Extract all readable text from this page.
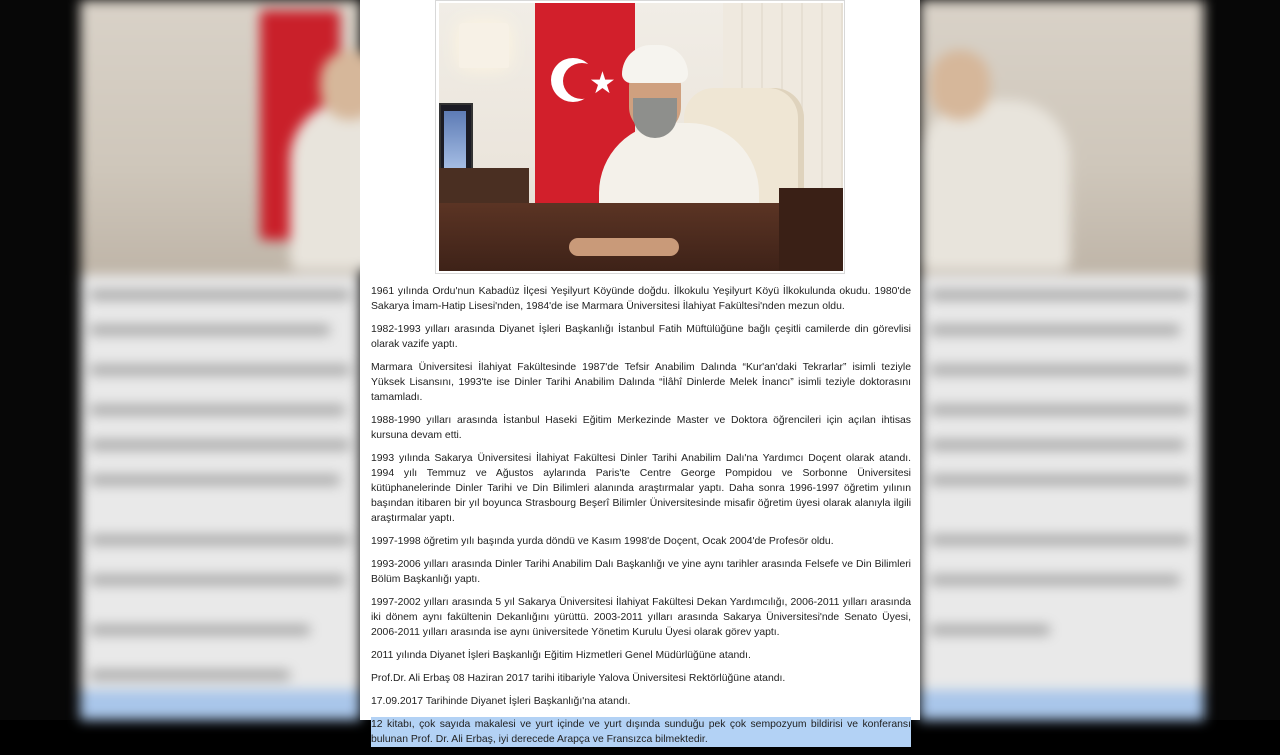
★

1961 yılında Ordu'nun Kabadüz İlçesi Yeşilyurt Köyünde doğdu. İlkokulu Yeşilyurt Köyü İlkokulunda okudu. 1980'de Sakarya İmam-Hatip Lisesi'nden, 1984'de ise Marmara Üniversitesi İlahiyat Fakültesi'nden mezun oldu.

1982-1993 yılları arasında Diyanet İşleri Başkanlığı İstanbul Fatih Müftülüğüne bağlı çeşitli camilerde din görevlisi olarak vazife yaptı.

Marmara Üniversitesi İlahiyat Fakültesinde 1987'de Tefsir Anabilim Dalında “Kur'an'daki Tekrarlar” isimli teziyle Yüksek Lisansını, 1993'te ise Dinler Tarihi Anabilim Dalında “İlâhî Dinlerde Melek İnancı” isimli teziyle doktorasını tamamladı.

1988-1990 yılları arasında İstanbul Haseki Eğitim Merkezinde Master ve Doktora öğrencileri için açılan ihtisas kursuna devam etti.

1993 yılında Sakarya Üniversitesi İlahiyat Fakültesi Dinler Tarihi Anabilim Dalı'na Yardımcı Doçent olarak atandı. 1994 yılı Temmuz ve Ağustos aylarında Paris'te Centre George Pompidou ve Sorbonne Üniversitesi kütüphanelerinde Dinler Tarihi ve Din Bilimleri alanında araştırmalar yaptı. Daha sonra 1996-1997 öğretim yılının başından itibaren bir yıl boyunca Strasbourg Beşerî Bilimler Üniversitesinde misafir öğretim üyesi olarak alanıyla ilgili araştırmalar yaptı.

1997-1998 öğretim yılı başında yurda döndü ve Kasım 1998'de Doçent, Ocak 2004'de Profesör oldu.

1993-2006 yılları arasında Dinler Tarihi Anabilim Dalı Başkanlığı ve yine aynı tarihler arasında Felsefe ve Din Bilimleri Bölüm Başkanlığı yaptı.

1997-2002 yılları arasında 5 yıl Sakarya Üniversitesi İlahiyat Fakültesi Dekan Yardımcılığı, 2006-2011 yılları arasında iki dönem aynı fakültenin Dekanlığını yürüttü. 2003-2011 yılları arasında Sakarya Üniversitesi'nde Senato Üyesi, 2006-2011 yılları arasında ise aynı üniversitede Yönetim Kurulu Üyesi olarak görev yaptı.

2011 yılında Diyanet İşleri Başkanlığı Eğitim Hizmetleri Genel Müdürlüğüne atandı.

Prof.Dr. Ali Erbaş 08 Haziran 2017 tarihi itibariyle Yalova Üniversitesi Rektörlüğüne atandı.

17.09.2017 Tarihinde Diyanet İşleri Başkanlığı'na atandı.

12 kitabı, çok sayıda makalesi ve yurt içinde ve yurt dışında sunduğu pek çok sempozyum bildirisi ve konferansı bulunan Prof. Dr. Ali Erbaş, iyi derecede Arapça ve Fransızca bilmektedir.
